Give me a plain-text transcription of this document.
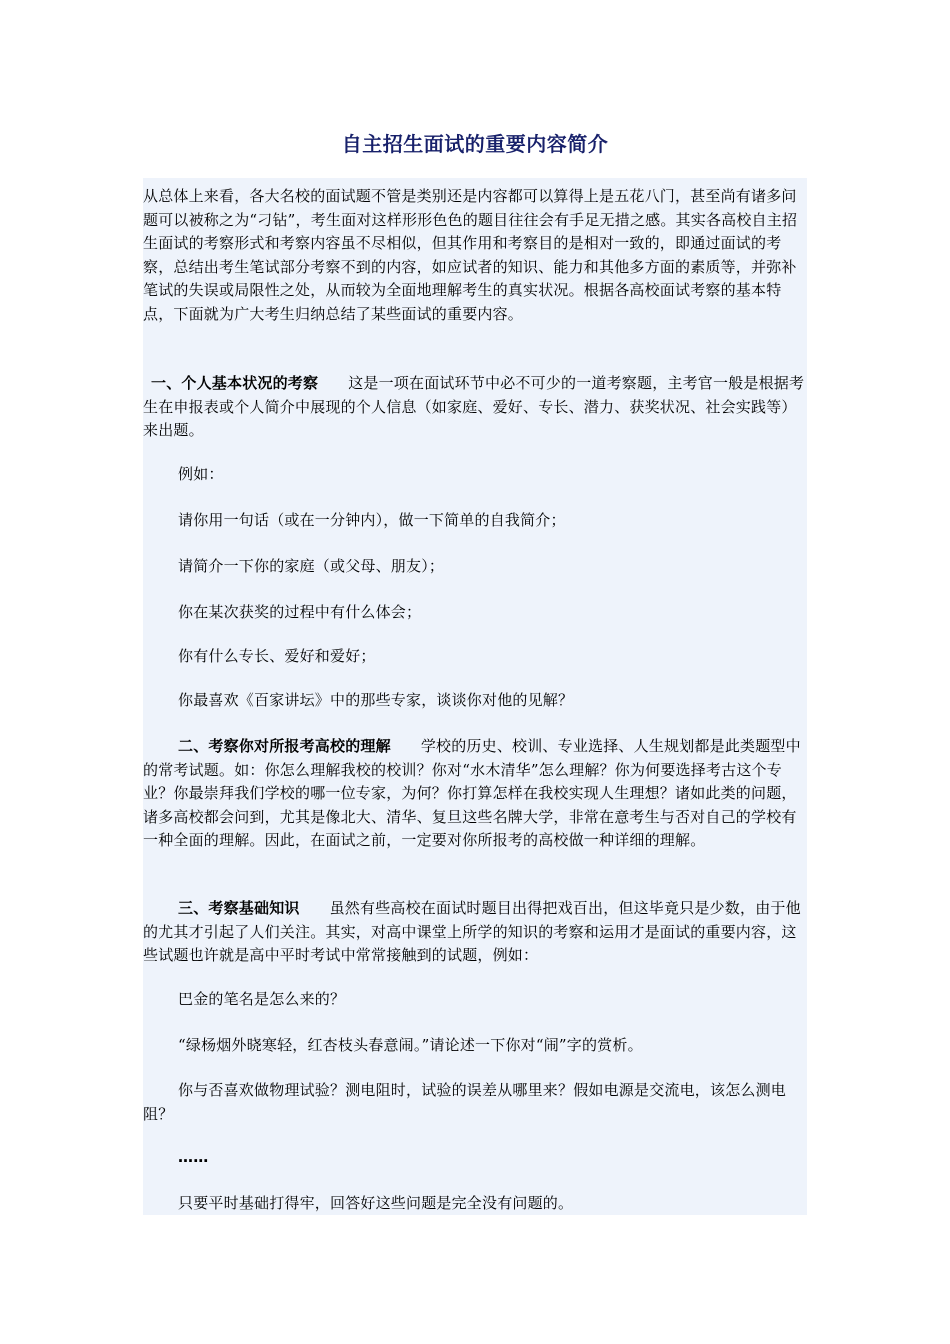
自主招生面试的重要内容简介
从总体上来看，各大名校的面试题不管是类别还是内容都可以算得上是五花八门，甚至尚有诸多问题可以被称之为“刁钻”，考生面对这样形形色色的题目往往会有手足无措之感。其实各高校自主招生面试的考察形式和考察内容虽不尽相似，但其作用和考察目的是相对一致的，即通过面试的考察，总结出考生笔试部分考察不到的内容，如应试者的知识、能力和其他多方面的素质等，并弥补笔试的失误或局限性之处，从而较为全面地理解考生的真实状况。根据各高校面试考察的基本特点，下面就为广大考生归纳总结了某些面试的重要内容。
一、个人基本状况的考察 这是一项在面试环节中必不可少的一道考察题，主考官一般是根据考生在申报表或个人简介中展现的个人信息（如家庭、爱好、专长、潜力、获奖状况、社会实践等）来出题。
例如：
请你用一句话（或在一分钟内），做一下简单的自我简介；
请简介一下你的家庭（或父母、朋友）；
你在某次获奖的过程中有什么体会；
你有什么专长、爱好和爱好；
你最喜欢《百家讲坛》中的那些专家，谈谈你对他的见解？
二、考察你对所报考高校的理解 学校的历史、校训、专业选择、人生规划都是此类题型中的常考试题。如：你怎么理解我校的校训？你对“水木清华”怎么理解？你为何要选择考古这个专业？你最崇拜我们学校的哪一位专家，为何？你打算怎样在我校实现人生理想？诸如此类的问题，诸多高校都会问到，尤其是像北大、清华、复旦这些名牌大学，非常在意考生与否对自己的学校有一种全面的理解。因此，在面试之前，一定要对你所报考的高校做一种详细的理解。
三、考察基础知识 虽然有些高校在面试时题目出得把戏百出，但这毕竟只是少数，由于他的尤其才引起了人们关注。其实，对高中课堂上所学的知识的考察和运用才是面试的重要内容，这些试题也许就是高中平时考试中常常接触到的试题，例如：
巴金的笔名是怎么来的？
“绿杨烟外晓寒轻，红杏枝头春意闹。”请论述一下你对“闹”字的赏析。
你与否喜欢做物理试验？测电阻时，试验的误差从哪里来？假如电源是交流电，该怎么测电阻？
……
只要平时基础打得牢，回答好这些问题是完全没有问题的。
